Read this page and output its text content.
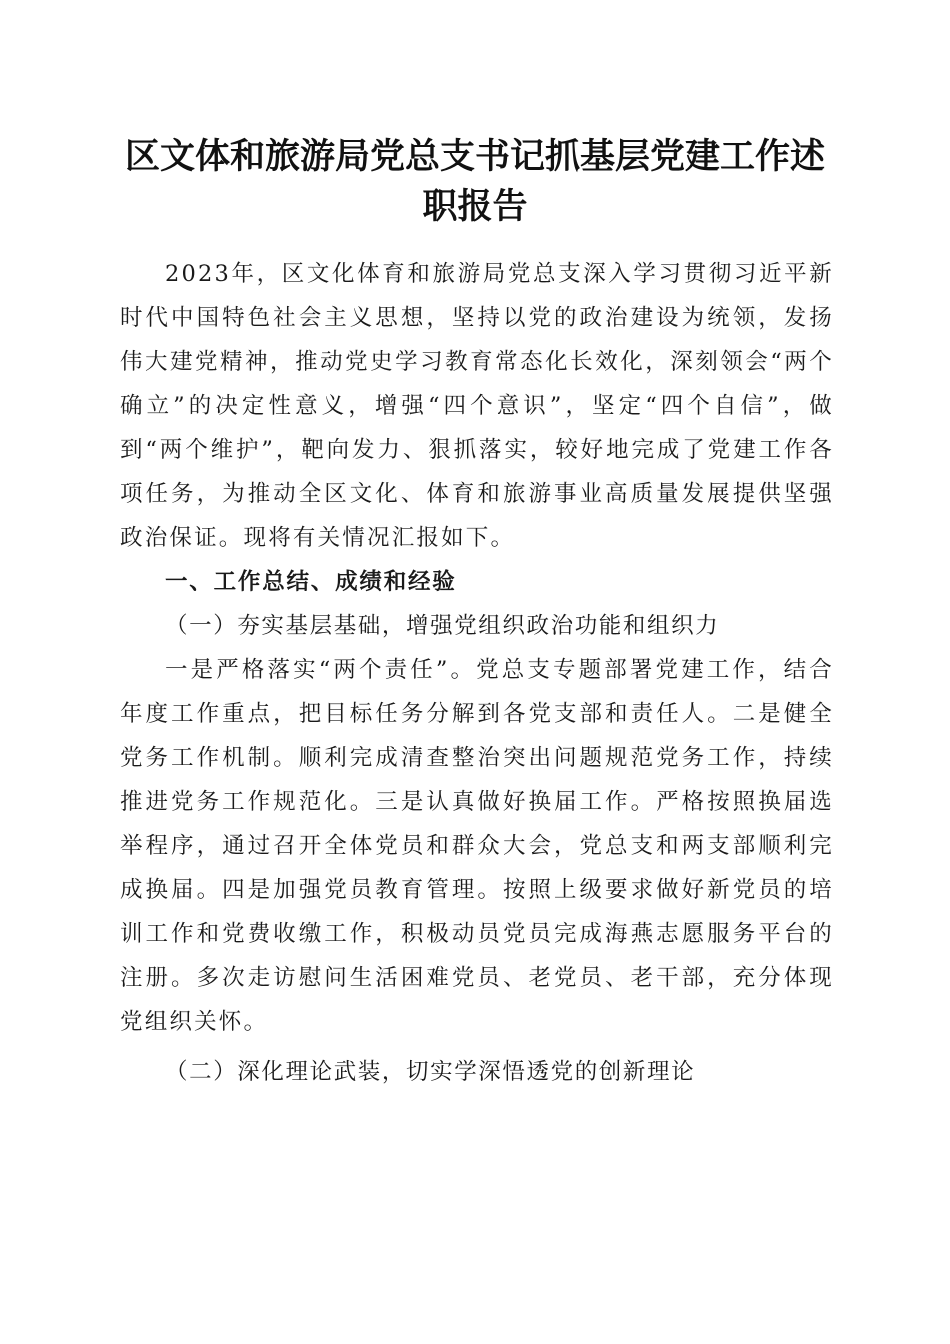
区文体和旅游局党总支书记抓基层党建工作述
职报告

2023年，区文化体育和旅游局党总支深入学习贯彻习近平新时代中国特色社会主义思想，坚持以党的政治建设为统领，发扬伟大建党精神，推动党史学习教育常态化长效化，深刻领会“两个确立”的决定性意义，增强“四个意识”，坚定“四个自信”，做到“两个维护”，靶向发力、狠抓落实，较好地完成了党建工作各项任务，为推动全区文化、体育和旅游事业高质量发展提供坚强政治保证。现将有关情况汇报如下。

一、工作总结、成绩和经验

（一）夯实基层基础，增强党组织政治功能和组织力

一是严格落实“两个责任”。党总支专题部署党建工作，结合年度工作重点，把目标任务分解到各党支部和责任人。二是健全党务工作机制。顺利完成清查整治突出问题规范党务工作，持续推进党务工作规范化。三是认真做好换届工作。严格按照换届选举程序，通过召开全体党员和群众大会，党总支和两支部顺利完成换届。四是加强党员教育管理。按照上级要求做好新党员的培训工作和党费收缴工作，积极动员党员完成海燕志愿服务平台的注册。多次走访慰问生活困难党员、老党员、老干部，充分体现党组织关怀。

（二）深化理论武装，切实学深悟透党的创新理论
